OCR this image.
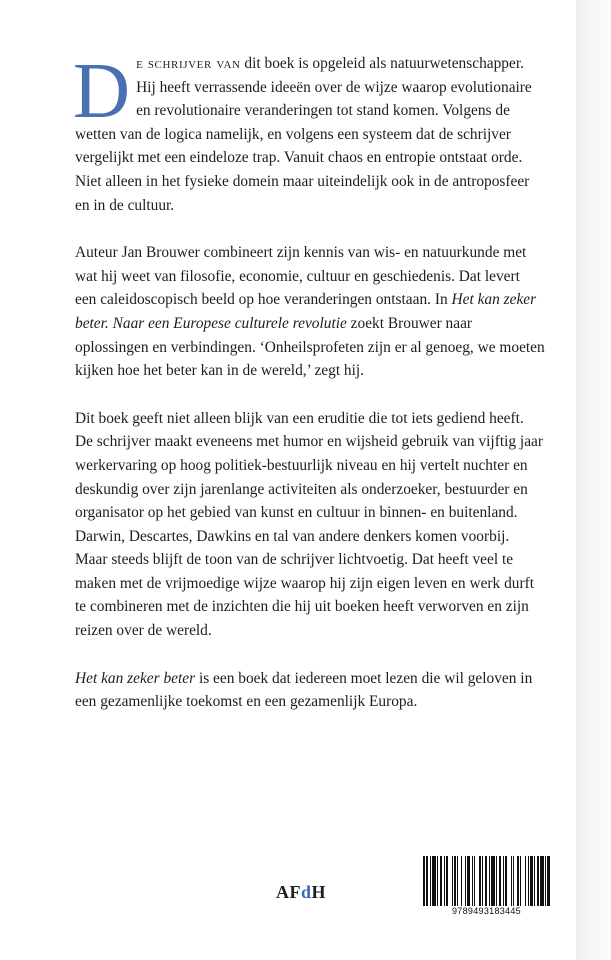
De schrijver van dit boek is opgeleid als natuurwetenschapper. Hij heeft verrassende ideeën over de wijze waarop evolutionaire en revolutionaire veranderingen tot stand komen. Volgens de wetten van de logica namelijk, en volgens een systeem dat de schrijver vergelijkt met een eindeloze trap. Vanuit chaos en entropie ontstaat orde. Niet alleen in het fysieke domein maar uiteindelijk ook in de antroposfeer en in de cultuur.

Auteur Jan Brouwer combineert zijn kennis van wis- en natuurkunde met wat hij weet van filosofie, economie, cultuur en geschiedenis. Dat levert een caleidoscopisch beeld op hoe veranderingen ontstaan. In Het kan zeker beter. Naar een Europese culturele revolutie zoekt Brouwer naar oplossingen en verbindingen. ‘Onheilsprofeten zijn er al genoeg, we moeten kijken hoe het beter kan in de wereld,’ zegt hij.

Dit boek geeft niet alleen blijk van een eruditie die tot iets gediend heeft. De schrijver maakt eveneens met humor en wijsheid gebruik van vijftig jaar werkervaring op hoog politiek-bestuurlijk niveau en hij vertelt nuchter en deskundig over zijn jarenlange activiteiten als onderzoeker, bestuurder en organisator op het gebied van kunst en cultuur in binnen- en buitenland. Darwin, Descartes, Dawkins en tal van andere denkers komen voorbij. Maar steeds blijft de toon van de schrijver lichtvoetig. Dat heeft veel te maken met de vrijmoedige wijze waarop hij zijn eigen leven en werk durft te combineren met de inzichten die hij uit boeken heeft verworven en zijn reizen over de wereld.

Het kan zeker beter is een boek dat iedereen moet lezen die wil geloven in een gezamenlijke toekomst en een gezamenlijk Europa.

AFdH
9789493183445
